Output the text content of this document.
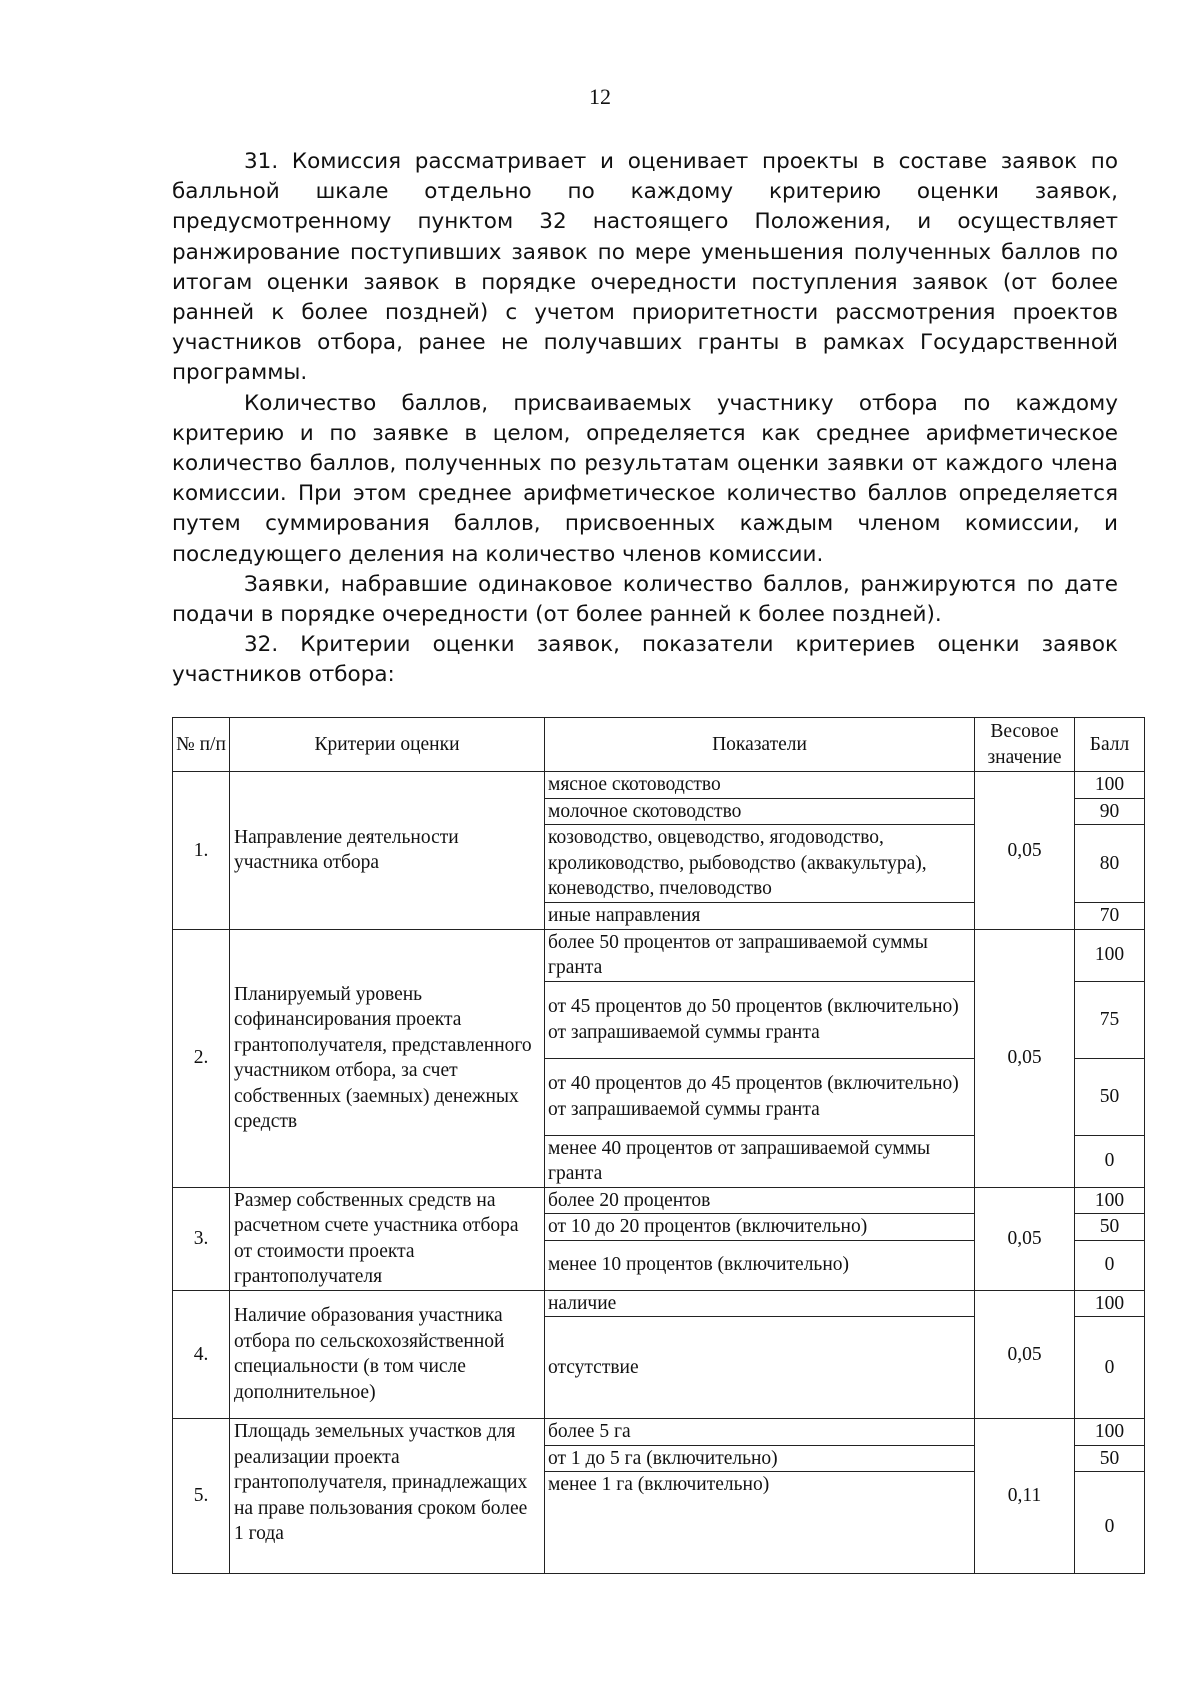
12

31. Комиссия рассматривает и оценивает проекты в составе заявок по балльной шкале отдельно по каждому критерию оценки заявок, предусмотренному пунктом 32 настоящего Положения, и осуществляет ранжирование поступивших заявок по мере уменьшения полученных баллов по итогам оценки заявок в порядке очередности поступления заявок (от более ранней к более поздней) с учетом приоритетности рассмотрения проектов участников отбора, ранее не получавших гранты в рамках Государственной программы.

Количество баллов, присваиваемых участнику отбора по каждому критерию и по заявке в целом, определяется как среднее арифметическое количество баллов, полученных по результатам оценки заявки от каждого члена комиссии. При этом среднее арифметическое количество баллов определяется путем суммирования баллов, присвоенных каждым членом комиссии, и последующего деления на количество членов комиссии.

Заявки, набравшие одинаковое количество баллов, ранжируются по дате подачи в порядке очередности (от более ранней к более поздней).

32. Критерии оценки заявок, показатели критериев оценки заявок участников отбора:

№ п/п	Критерии оценки	Показатели	Весовое значение	Балл
1.	Направление деятельности участника отбора	мясное скотоводство	0,05	100
		молочное скотоводство		90
		козоводство, овцеводство, ягодоводство, кролиководство, рыбоводство (аквакультура), коневодство, пчеловодство		80
		иные направления		70
2.	Планируемый уровень софинансирования проекта грантополучателя, представленного участником отбора, за счет собственных (заемных) денежных средств	более 50 процентов от запрашиваемой суммы гранта	0,05	100
		от 45 процентов до 50 процентов (включительно) от запрашиваемой суммы гранта		75
		от 40 процентов до 45 процентов (включительно) от запрашиваемой суммы гранта		50
		менее 40 процентов от запрашиваемой суммы гранта		0
3.	Размер собственных средств на расчетном счете участника отбора от стоимости проекта грантополучателя	более 20 процентов	0,05	100
		от 10 до 20 процентов (включительно)		50
		менее 10 процентов (включительно)		0
4.	Наличие образования участника отбора по сельскохозяйственной специальности (в том числе дополнительное)	наличие	0,05	100
		отсутствие		0
5.	Площадь земельных участков для реализации проекта грантополучателя, принадлежащих на праве пользования сроком более 1 года	более 5 га	0,11	100
		от 1 до 5 га (включительно)		50
		менее 1 га (включительно)		0
